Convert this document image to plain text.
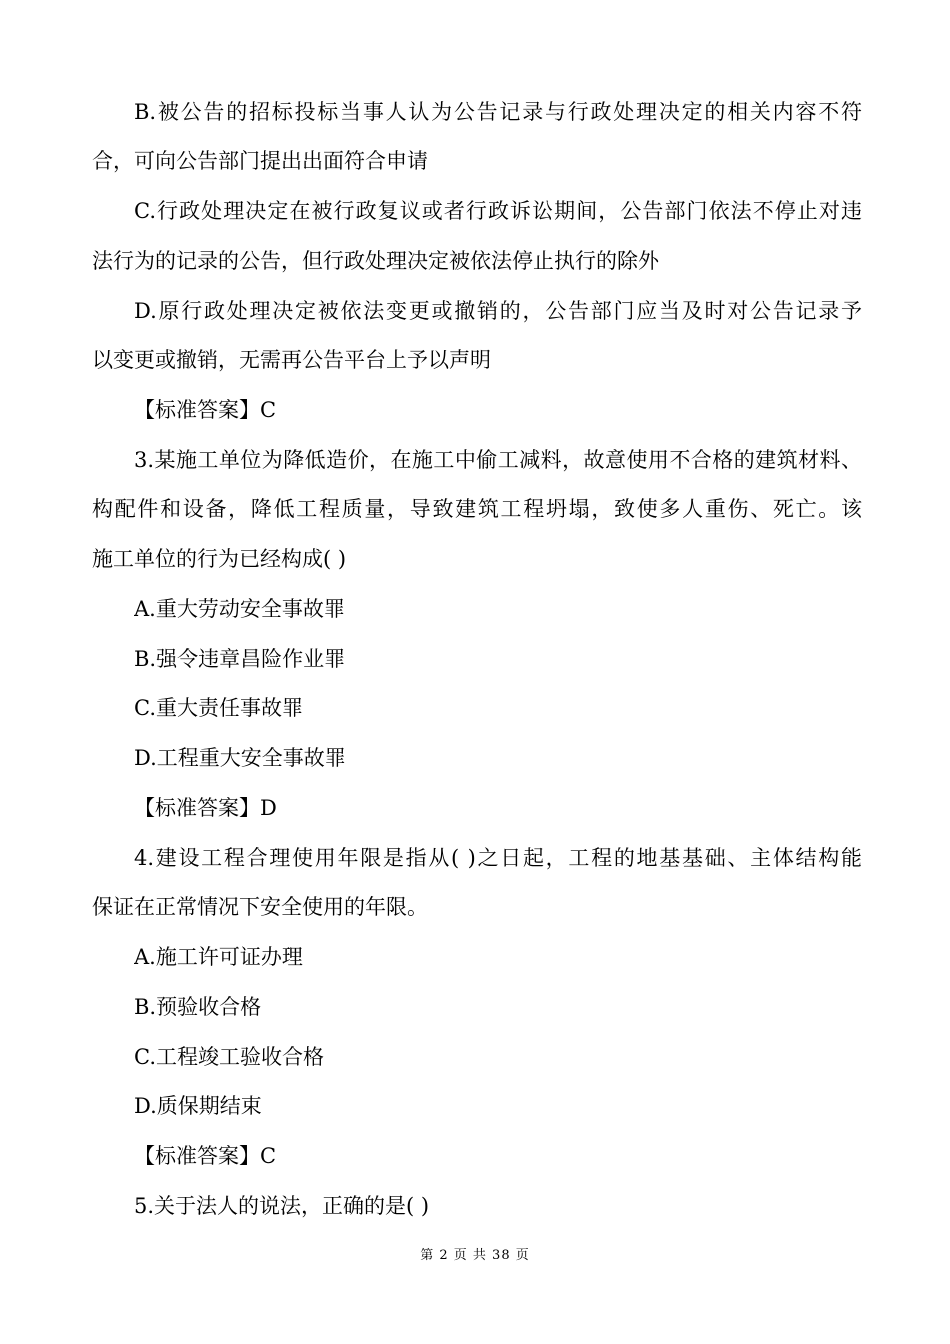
B.被公告的招标投标当事人认为公告记录与行政处理决定的相关内容不符
合，可向公告部门提出出面符合申请
C.行政处理决定在被行政复议或者行政诉讼期间，公告部门依法不停止对违
法行为的记录的公告，但行政处理决定被依法停止执行的除外
D.原行政处理决定被依法变更或撤销的，公告部门应当及时对公告记录予
以变更或撤销，无需再公告平台上予以声明
【标准答案】C
3.某施工单位为降低造价，在施工中偷工减料，故意使用不合格的建筑材料、
构配件和设备，降低工程质量，导致建筑工程坍塌，致使多人重伤、死亡。该
施工单位的行为已经构成( )
A.重大劳动安全事故罪
B.强令违章昌险作业罪
C.重大责任事故罪
D.工程重大安全事故罪
【标准答案】D
4.建设工程合理使用年限是指从( )之日起，工程的地基基础、主体结构能
保证在正常情况下安全使用的年限。
A.施工许可证办理
B.预验收合格
C.工程竣工验收合格
D.质保期结束
【标准答案】C
5.关于法人的说法，正确的是( )
第 2 页 共 38 页
